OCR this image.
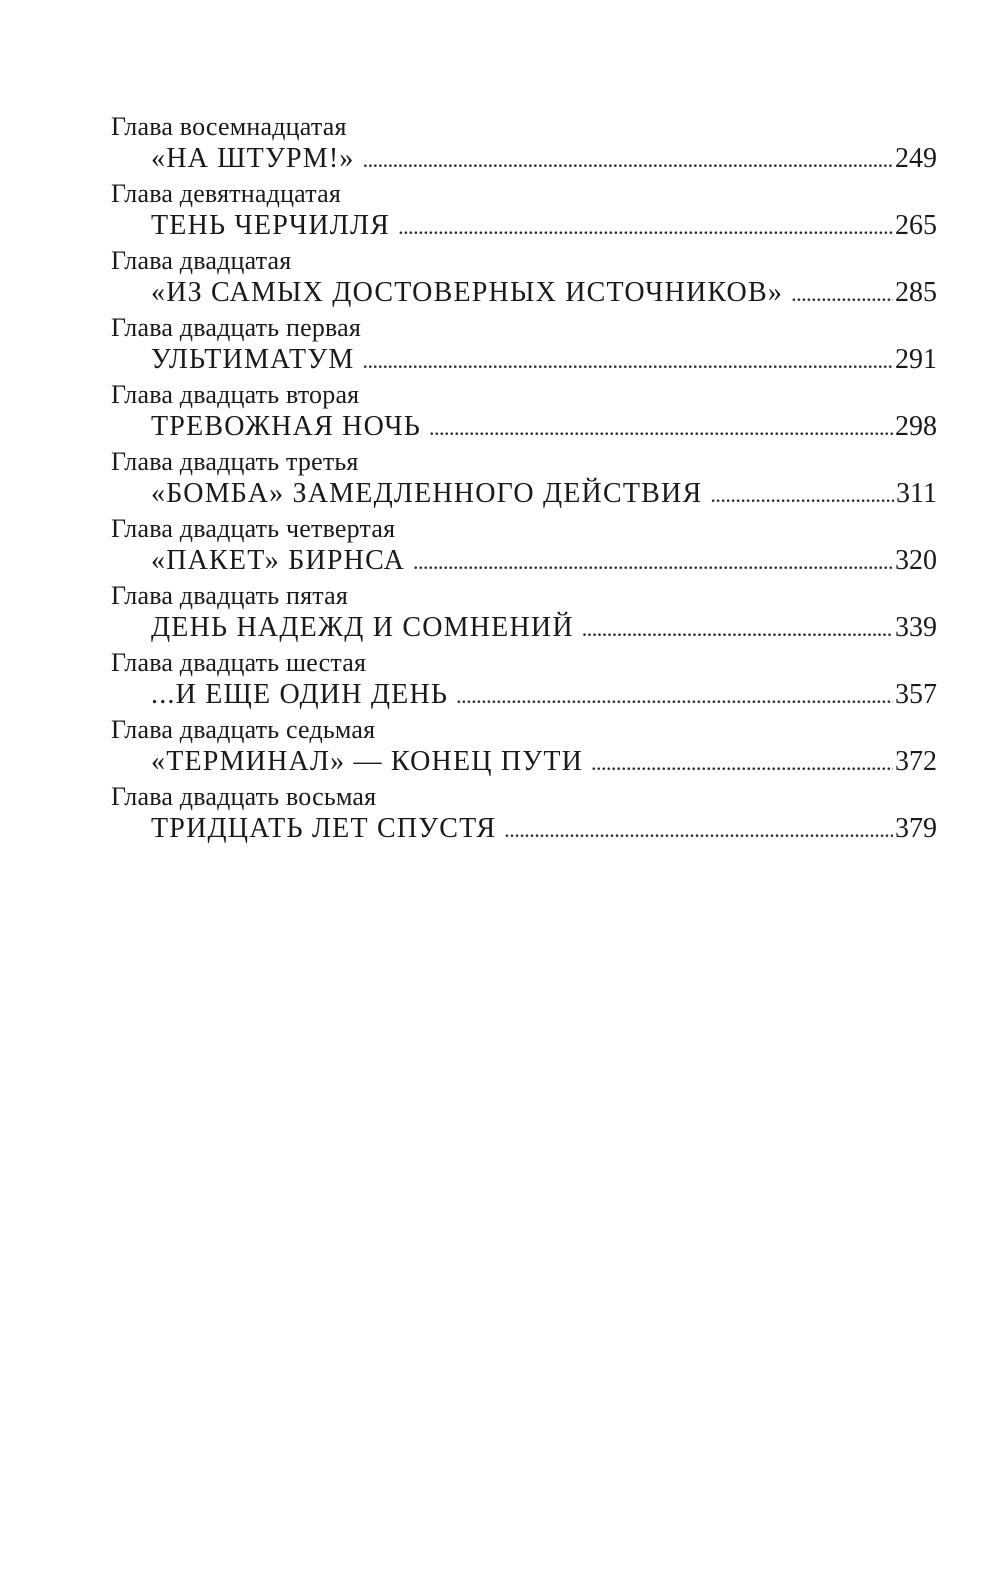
Глава восемнадцатая
«НА ШТУРМ!» . . .	249
Глава девятнадцатая
ТЕНЬ ЧЕРЧИЛЛЯ . . .	265
Глава двадцатая
«ИЗ САМЫХ ДОСТОВЕРНЫХ ИСТОЧНИКОВ» . . .	285
Глава двадцать первая
УЛЬТИМАТУМ . . .	291
Глава двадцать вторая
ТРЕВОЖНАЯ НОЧЬ . . .	298
Глава двадцать третья
«БОМБА» ЗАМЕДЛЕННОГО ДЕЙСТВИЯ . . .	311
Глава двадцать четвертая
«ПАКЕТ» БИРНСА . . .	320
Глава двадцать пятая
ДЕНЬ НАДЕЖД И СОМНЕНИЙ . . .	339
Глава двадцать шестая
...И ЕЩЕ ОДИН ДЕНЬ . . .	357
Глава двадцать седьмая
«ТЕРМИНАЛ» — КОНЕЦ ПУТИ . . .	372
Глава двадцать восьмая
ТРИДЦАТЬ ЛЕТ СПУСТЯ . . .	379
